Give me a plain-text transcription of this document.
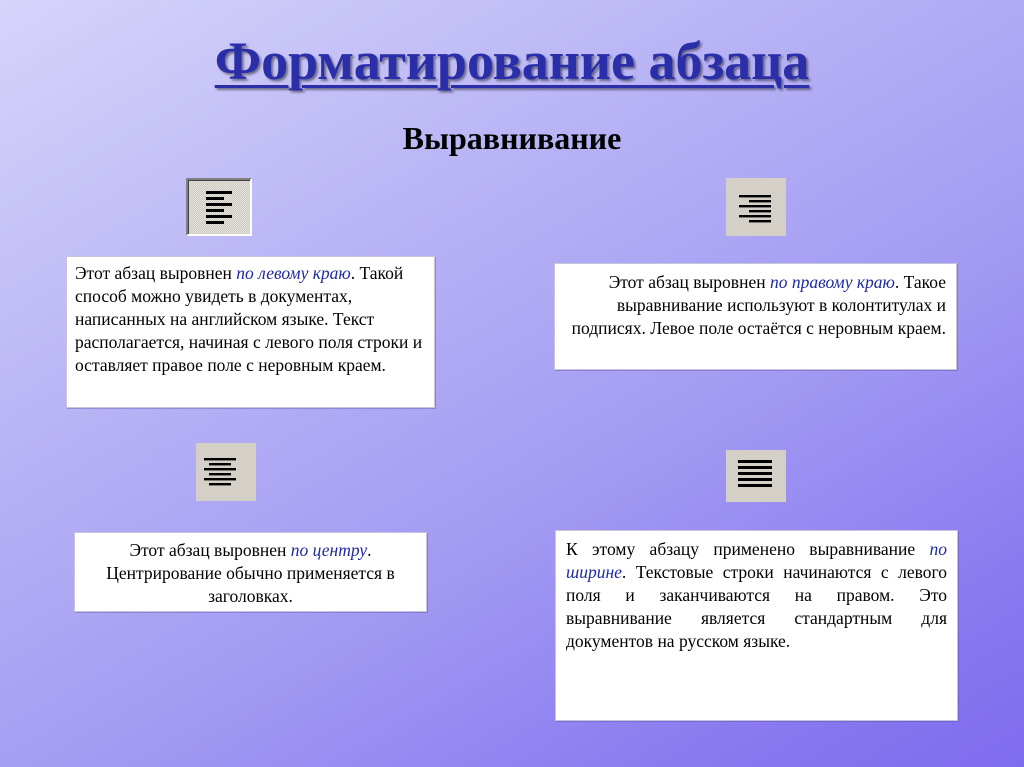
Форматирование абзаца
Выравнивание
Этот абзац выровнен по левому краю. Такой способ можно увидеть в документах, написанных на английском языке. Текст располагается, начиная с левого поля строки и оставляет правое поле с неровным краем.
Этот абзац выровнен по правому краю. Такое выравнивание используют в колонтитулах и подписях. Левое поле остаётся с неровным краем.
Этот абзац выровнен по центру. Центрирование обычно применяется в заголовках.
К этому абзацу применено выравнивание по ширине. Текстовые строки начинаются с левого поля и заканчиваются на правом. Это выравнивание является стандартным для документов на русском языке.
